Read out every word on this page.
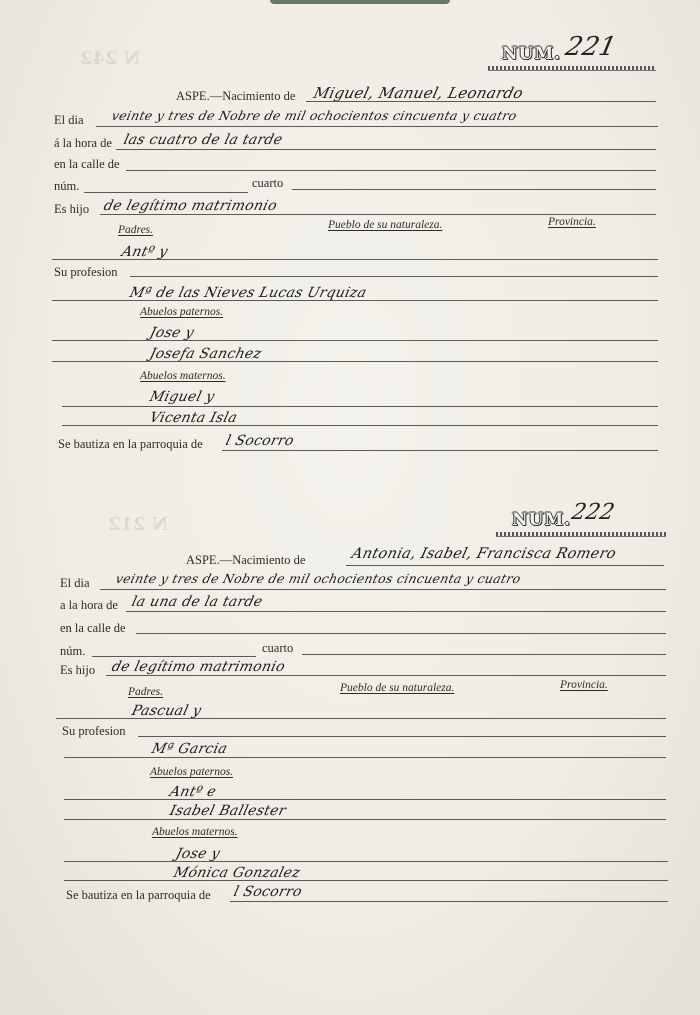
N 242	NUM. 221
ASPE.—Nacimiento de Miguel, Manuel, Leonardo
El dia veinte y tres de Nobre de mil ochocientos cincuenta y cuatro
á la hora de las cuatro de la tarde
en la calle de
núm.	cuarto
Es hijo de legítimo matrimonio
Padres.	Pueblo de su naturaleza.	Provincia.
Antº y
Su profesion
Mª de las Nieves Lucas Urquiza
Abuelos paternos.
Jose y
Josefa Sanchez
Abuelos maternos.
Miguel y
Vicenta Isla
Se bautiza en la parroquia de l Socorro
N 212	NUM.
222
ASPE.—Nacimiento de	Antonia, Isabel, Francisca Romero
El dia veinte y tres de Nobre de mil ochocientos cincuenta y cuatro
a la hora de la una de la tarde
en la calle de
núm.	cuarto
Es hijo de legítimo matrimonio
Padres.	Pueblo de su naturaleza.	Provincia.
Pascual y
Su profesion
Mª Garcia
Abuelos paternos.
Antº e
Isabel Ballester
Abuelos maternos.
Jose y
Mónica Gonzalez
Se bautiza en la parroquia de l Socorro
